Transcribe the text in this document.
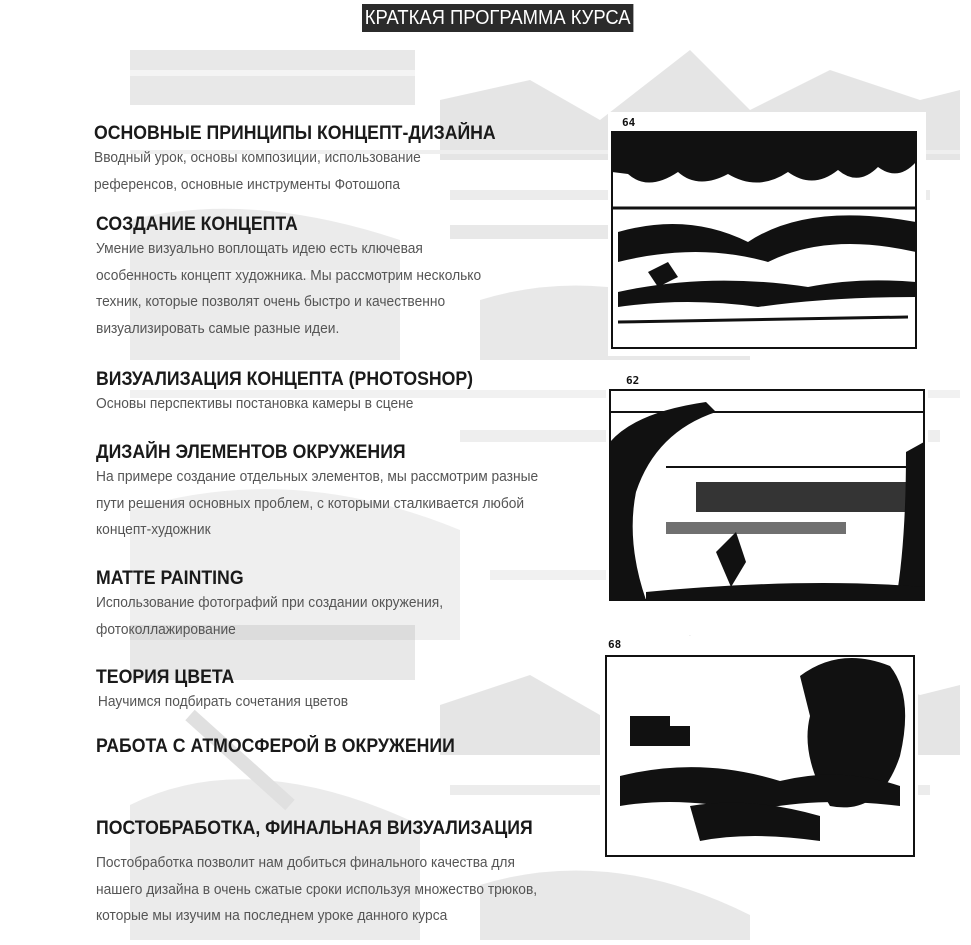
КРАТКАЯ ПРОГРАММА КУРСА
ОСНОВНЫЕ ПРИНЦИПЫ КОНЦЕПТ-ДИЗАЙНА

Вводный урок, основы композиции, использование
референсов, основные инструменты Фотошопа

СОЗДАНИЕ КОНЦЕПТА

Умение визуально воплощать идею есть ключевая
особенность концепт художника. Мы рассмотрим несколько
техник, которые позволят очень быстро и качественно
визуализировать самые разные идеи.

ВИЗУАЛИЗАЦИЯ КОНЦЕПТА (PHOTOSHOP)

Основы перспективы постановка камеры в сцене

ДИЗАЙН ЭЛЕМЕНТОВ ОКРУЖЕНИЯ

На примере создание отдельных элементов, мы рассмотрим разные
пути решения основных проблем, с которыми сталкивается любой
концепт-художник

MATTE PAINTING

Использование фотографий при создании окружения,
фотоколлажирование

ТЕОРИЯ ЦВЕТА

Научимся подбирать сочетания цветов

РАБОТА С АТМОСФЕРОЙ В ОКРУЖЕНИИ

ПОСТОБРАБОТКА, ФИНАЛЬНАЯ ВИЗУАЛИЗАЦИЯ

Постобработка позволит нам добиться финального качества для
нашего дизайна в очень сжатые сроки используя множество трюков,
которые мы изучим на последнем уроке данного курса

64
62
68
